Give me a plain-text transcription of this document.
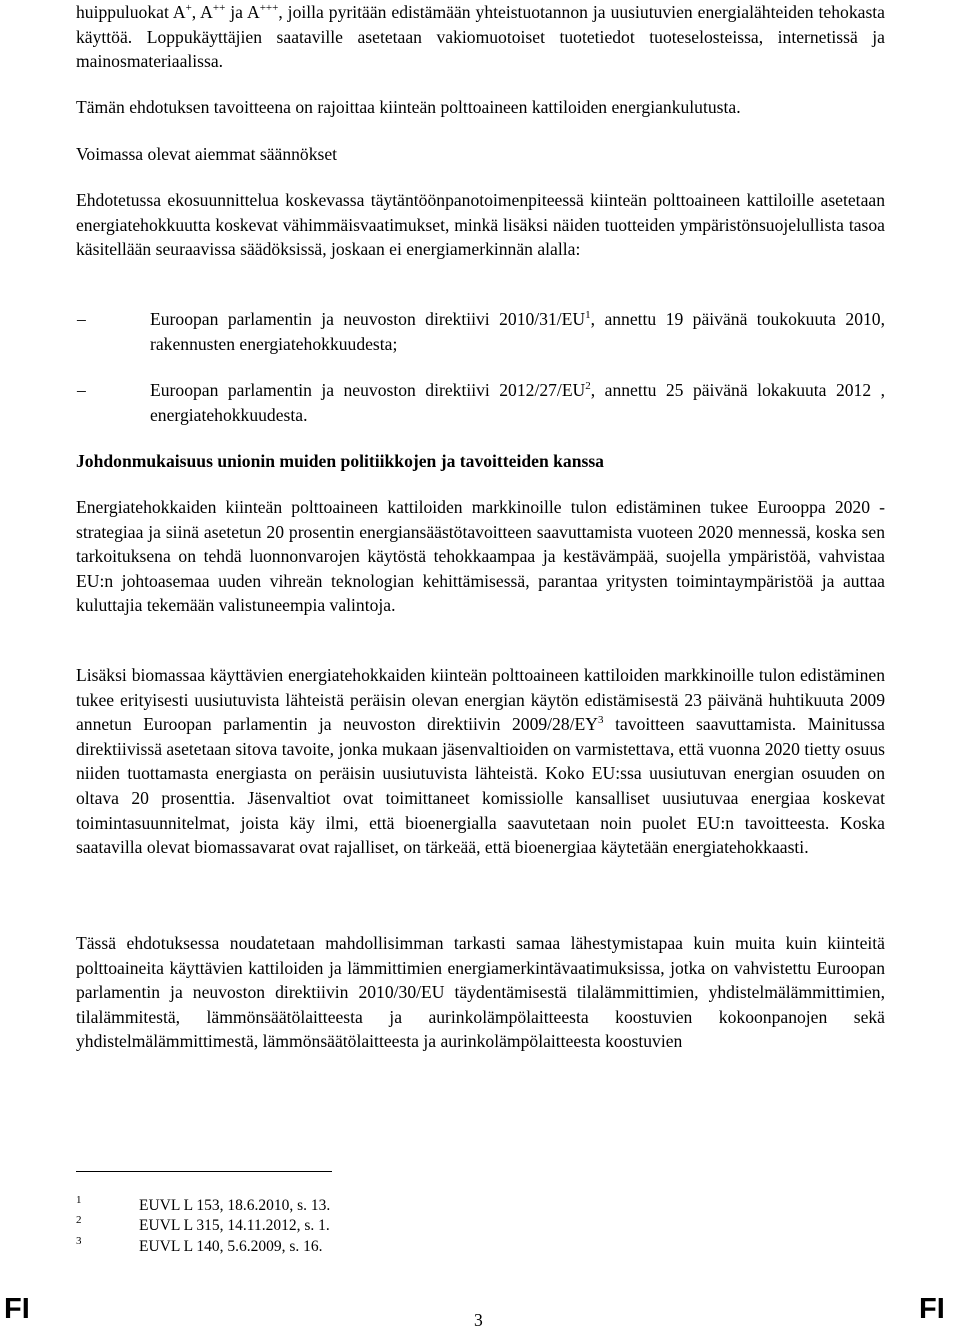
huippuluokat A+, A++ ja A+++, joilla pyritään edistämään yhteistuotannon ja uusiutuvien energialähteiden tehokasta käyttöä. Loppukäyttäjien saataville asetetaan vakiomuotoiset tuotetiedot tuoteselosteissa, internetissä ja mainosmateriaalissa.

Tämän ehdotuksen tavoitteena on rajoittaa kiinteän polttoaineen kattiloiden energiankulutusta.

Voimassa olevat aiemmat säännökset

Ehdotetussa ekosuunnittelua koskevassa täytäntöönpanotoimenpiteessä kiinteän polttoaineen kattiloille asetetaan energiatehokkuutta koskevat vähimmäisvaatimukset, minkä lisäksi näiden tuotteiden ympäristönsuojelullista tasoa käsitellään seuraavissa säädöksissä, joskaan ei energiamerkinnän alalla:

–	Euroopan parlamentin ja neuvoston direktiivi $2010/31/EU^1$, annettu 19 päivänä toukokuuta 2010, rakennusten energiatehokkuudesta;

–	Euroopan parlamentin ja neuvoston direktiivi $2012/27/EU^2$, annettu 25 päivänä lokakuuta 2012 , energiatehokkuudesta.

Johdonmukaisuus unionin muiden politiikkojen ja tavoitteiden kanssa

Energiatehokkaiden kiinteän polttoaineen kattiloiden markkinoille tulon edistäminen tukee Eurooppa 2020 -strategiaa ja siinä asetetun 20 prosentin energiansäästötavoitteen saavuttamista vuoteen 2020 mennessä, koska sen tarkoituksena on tehdä luonnonvarojen käytöstä tehokkaampaa ja kestävämpää, suojella ympäristöä, vahvistaa EU:n johtoasemaa uuden vihreän teknologian kehittämisessä, parantaa yritysten toimintaympäristöä ja auttaa kuluttajia tekemään valistuneempia valintoja.

Lisäksi biomassaa käyttävien energiatehokkaiden kiinteän polttoaineen kattiloiden markkinoille tulon edistäminen tukee erityisesti uusiutuvista lähteistä peräisin olevan energian käytön edistämisestä 23 päivänä huhtikuuta 2009 annetun Euroopan parlamentin ja neuvoston direktiivin $2009/28/EY^3$ tavoitteen saavuttamista. Mainitussa direktiivissä asetetaan sitova tavoite, jonka mukaan jäsenvaltioiden on varmistettava, että vuonna 2020 tietty osuus niiden tuottamasta energiasta on peräisin uusiutuvista lähteistä. Koko EU:ssa uusiutuvan energian osuuden on oltava 20 prosenttia. Jäsenvaltiot ovat toimittaneet komissiolle kansalliset uusiutuvaa energiaa koskevat toimintasuunnitelmat, joista käy ilmi, että bioenergialla saavutetaan noin puolet EU:n tavoitteesta. Koska saatavilla olevat biomassavarat ovat rajalliset, on tärkeää, että bioenergiaa käytetään energiatehokkaasti.

Tässä ehdotuksessa noudatetaan mahdollisimman tarkasti samaa lähestymistapaa kuin muita kuin kiinteitä polttoaineita käyttävien kattiloiden ja lämmittimien energiamerkintävaatimuksissa, jotka on vahvistettu Euroopan parlamentin ja neuvoston direktiivin 2010/30/EU täydentämisestä tilalämmittimien, yhdistelmälämmittimien, tilalämmitestä, lämmönsäätölaitteesta ja aurinkolämpölaitteesta koostuvien kokoonpanojen sekä yhdistelmälämmittimestä, lämmönsäätölaitteesta ja aurinkolämpölaitteesta koostuvien

1	EUVL L 153, 18.6.2010, s. 13.
2	EUVL L 315, 14.11.2012, s. 1.
3	EUVL L 140, 5.6.2009, s. 16.
FI	3	FI
